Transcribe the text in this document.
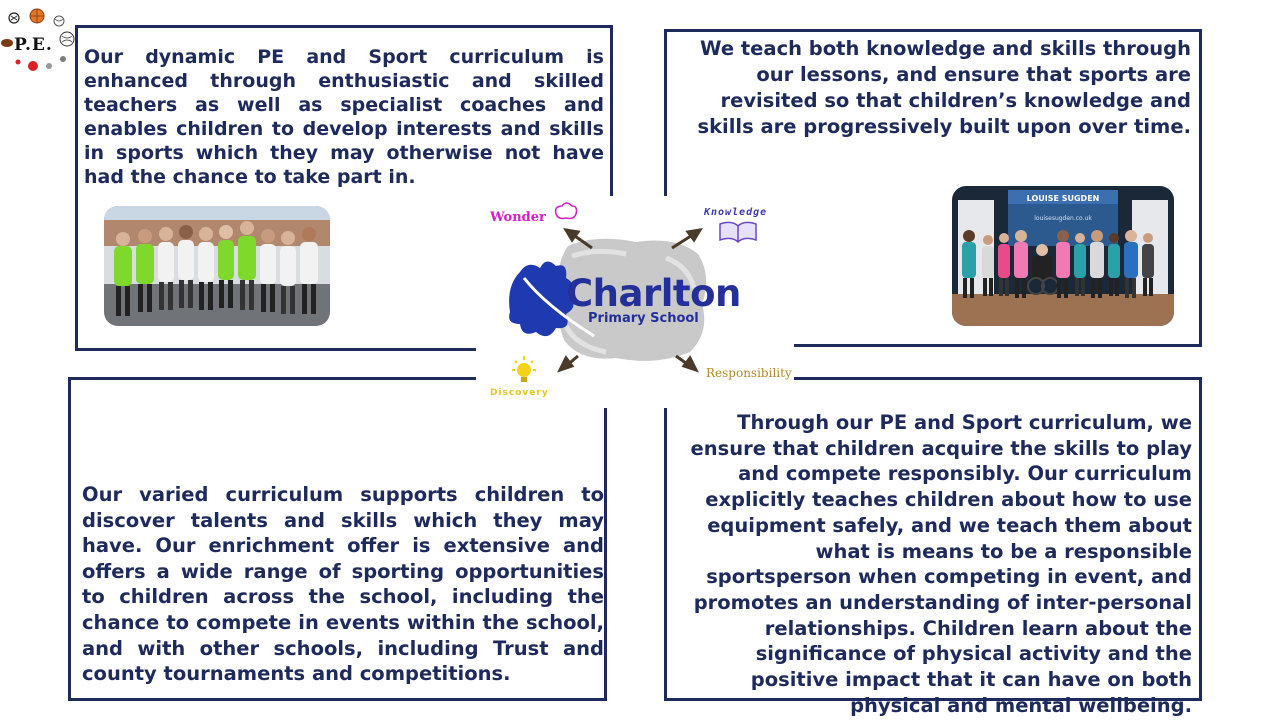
P.E.

Our dynamic PE and Sport curriculum is enhanced through enthusiastic and skilled teachers as well as specialist coaches and enables children to develop interests and skills in sports which they may otherwise not have had the chance to take part in.

We teach both knowledge and skills through our lessons, and ensure that sports are revisited so that children’s knowledge and skills are progressively built upon over time.

LOUISE SUGDEN
louisesugden.co.uk

Our varied curriculum supports children to discover talents and skills which they may have. Our enrichment offer is extensive and offers a wide range of sporting opportunities to children across the school, including the chance to compete in events within the school, and with other schools, including Trust and county tournaments and competitions.

Through our PE and Sport curriculum, we ensure that children acquire the skills to play and compete responsibly. Our curriculum explicitly teaches children about how to use equipment safely, and we teach them about what is means to be a responsible sportsperson when competing in event, and promotes an understanding of inter-personal relationships. Children learn about the significance of physical activity and the positive impact that it can have on both physical and mental wellbeing.

Wonder	Knowledge
Discovery
Responsibility
Charlton
Primary School
